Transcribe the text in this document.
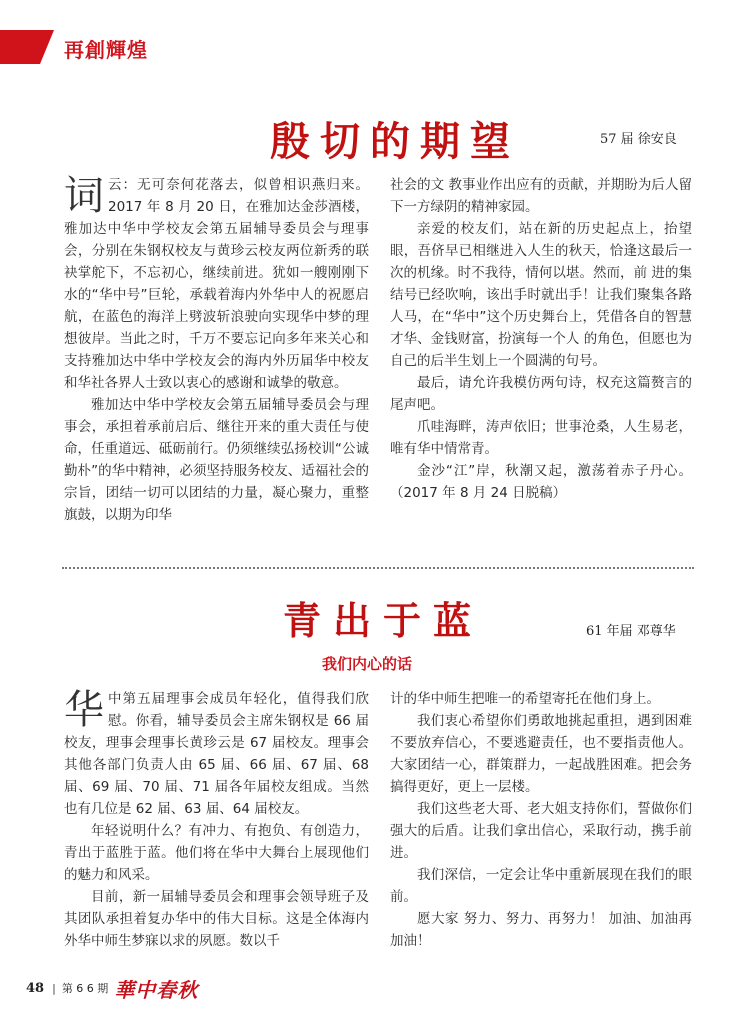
再創輝煌
殷切的期望	57 届 徐安良
词 云：无可奈何花落去，似曾相识燕归来。2017 年 8 月 20 日，在雅加达金莎酒楼，雅加达中华中学校友会第五届辅导委员会与理事会，分别在朱钢权校友与黄珍云校友两位新秀的联袂掌舵下，不忘初心，继续前进。犹如一艘刚刚下水的“华中号”巨轮，承载着海内外华中人的祝愿启航，在蓝色的海洋上劈波斩浪驶向实现华中梦的理想彼岸。当此之时，千万不要忘记向多年来关心和支持雅加达中华中学校友会的海内外历届华中校友和华社各界人士致以衷心的感谢和诚挚的敬意。

雅加达中华中学校友会第五届辅导委员会与理事会，承担着承前启后、继往开来的重大责任与使命，任重道远、砥砺前行。仍须继续弘扬校训“公诚勤朴”的华中精神，必须坚持服务校友、适福社会的宗旨，团结一切可以团结的力量，凝心聚力，重整旗鼓，以期为印华

社会的文 教事业作出应有的贡献，并期盼为后人留下一方绿阴的精神家园。

亲爱的校友们，站在新的历史起点上，抬望眼，吾侪早已相继进入人生的秋天，恰逢这最后一次的机缘。时不我待，情何以堪。然而，前 进的集结号已经吹响，该出手时就出手！让我们聚集各路人马，在“华中”这个历史舞台上，凭借各自的智慧才华、金钱财富，扮演每一个人 的角色，但愿也为自己的后半生划上一个圆满的句号。

最后，请允许我模仿两句诗，权充这篇赘言的尾声吧。

爪哇海畔，涛声依旧；世事沧桑，人生易老，唯有华中情常青。

金沙“江”岸，秋潮又起，激荡着赤子丹心。（2017 年 8 月 24 日脱稿）

青出于蓝	61 年届 邓尊华
我们内心的话
华 中第五届理事会成员年轻化，值得我们欣慰。你看，辅导委员会主席朱钢权是 66 届校友，理事会理事长黄珍云是 67 届校友。理事会其他各部门负责人由 65 届、66 届、67 届、68 届、69 届、70 届、71 届各年届校友组成。当然也有几位是 62 届、63 届、64 届校友。

年轻说明什么？有冲力、有抱负、有创造力，青出于蓝胜于蓝。他们将在华中大舞台上展现他们的魅力和风采。

目前，新一届辅导委员会和理事会领导班子及其团队承担着复办华中的伟大目标。这是全体海内外华中师生梦寐以求的夙愿。数以千

计的华中师生把唯一的希望寄托在他们身上。

我们衷心希望你们勇敢地挑起重担，遇到困难不要放弃信心，不要逃避责任，也不要指责他人。大家团结一心，群策群力，一起战胜困难。把会务搞得更好，更上一层楼。

我们这些老大哥、老大姐支持你们，誓做你们强大的后盾。让我们拿出信心，采取行动，携手前进。

我们深信，一定会让华中重新展现在我们的眼前。

愿大家 努力、努力、再努力！ 加油、加油再加油！

48 | 第 6 6 期 華中春秋
